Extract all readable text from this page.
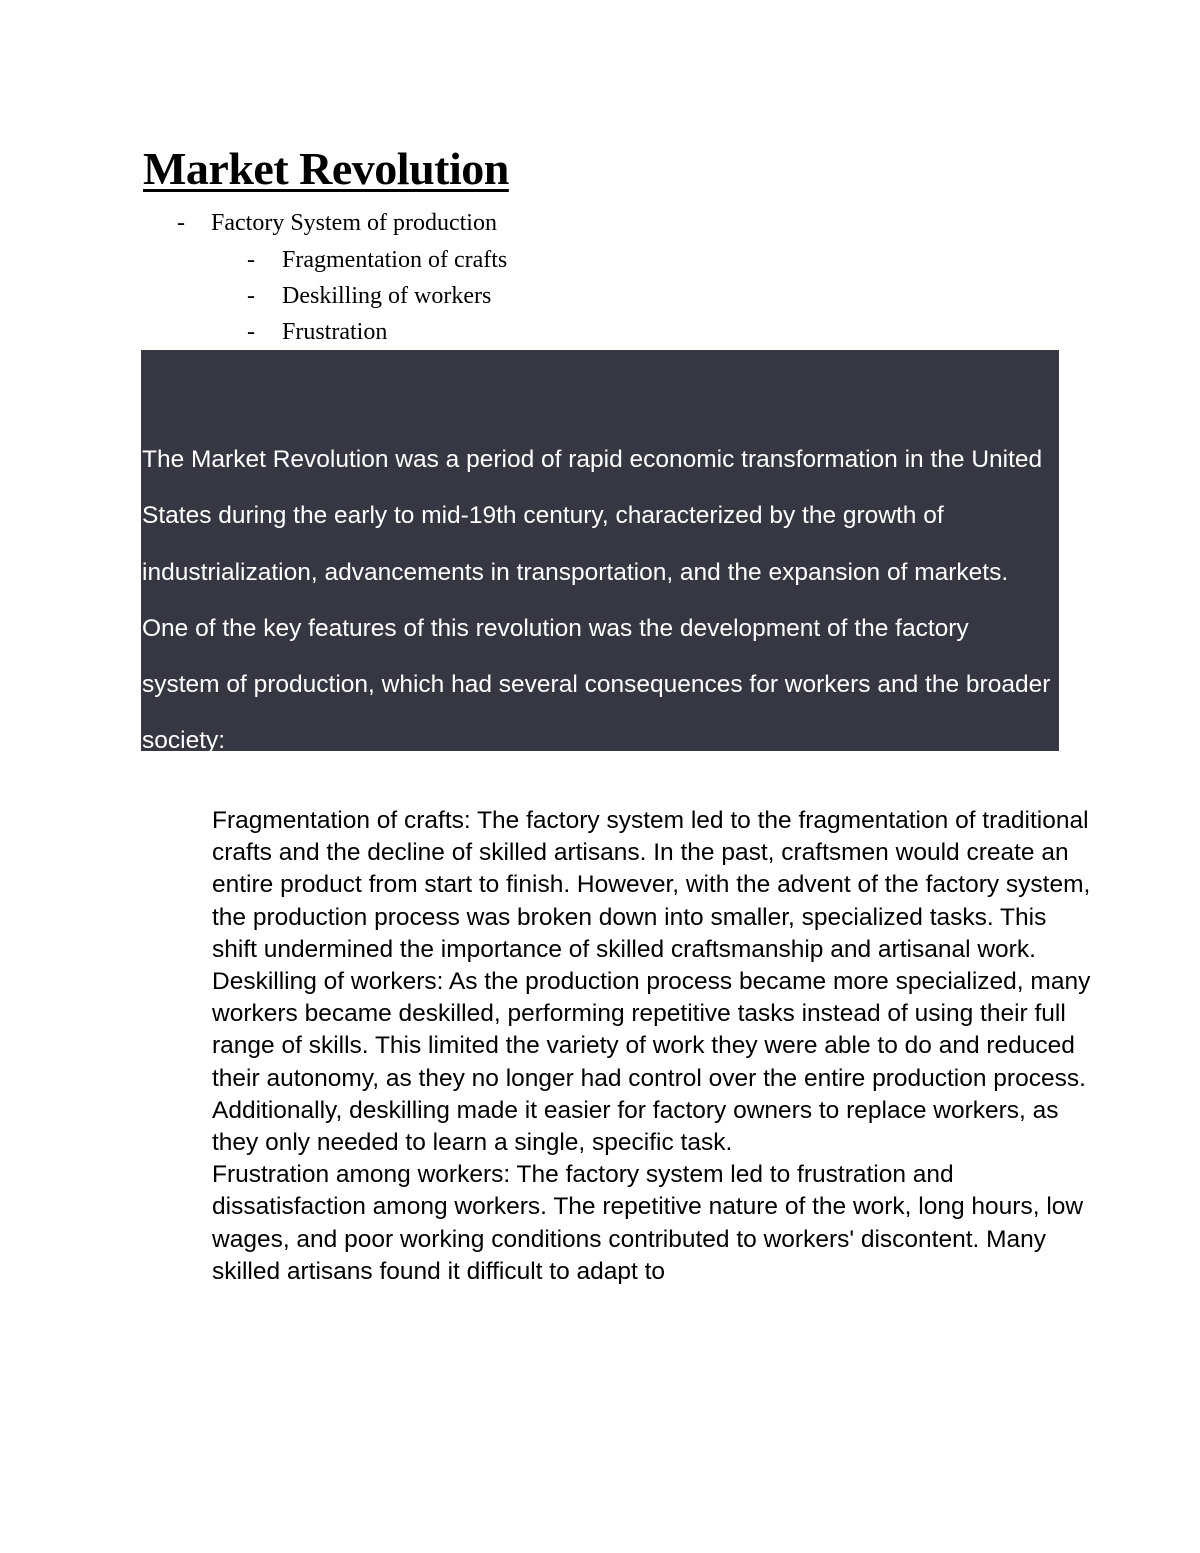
Market Revolution
- Factory System of production
- Fragmentation of crafts
- Deskilling of workers
- Frustration

The Market Revolution was a period of rapid economic transformation in the United States during the early to mid-19th century, characterized by the growth of industrialization, advancements in transportation, and the expansion of markets. One of the key features of this revolution was the development of the factory system of production, which had several consequences for workers and the broader society:

Fragmentation of crafts: The factory system led to the fragmentation of traditional crafts and the decline of skilled artisans. In the past, craftsmen would create an entire product from start to finish. However, with the advent of the factory system, the production process was broken down into smaller, specialized tasks. This shift undermined the importance of skilled craftsmanship and artisanal work.

Deskilling of workers: As the production process became more specialized, many workers became deskilled, performing repetitive tasks instead of using their full range of skills. This limited the variety of work they were able to do and reduced their autonomy, as they no longer had control over the entire production process. Additionally, deskilling made it easier for factory owners to replace workers, as they only needed to learn a single, specific task.

Frustration among workers: The factory system led to frustration and dissatisfaction among workers. The repetitive nature of the work, long hours, low wages, and poor working conditions contributed to workers' discontent. Many skilled artisans found it difficult to adapt to
